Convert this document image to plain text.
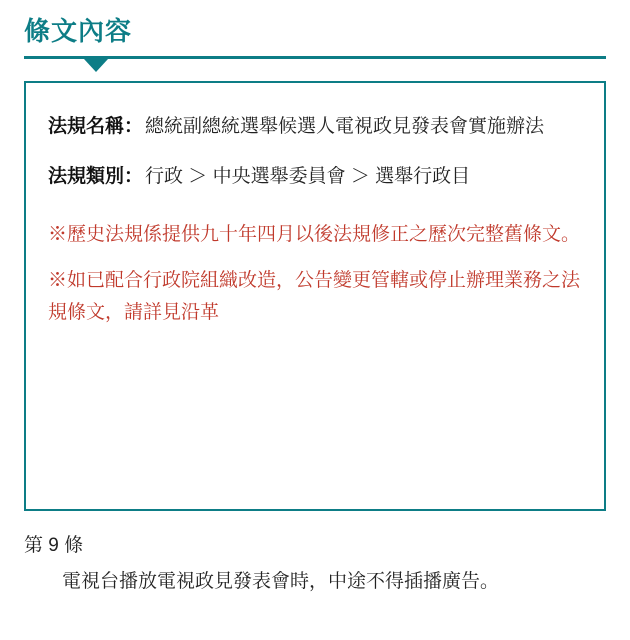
條文內容
法規名稱 ： 總統副總統選舉候選人電視政見發表會實施辦法
法規類別 ： 行政 ＞ 中央選舉委員會 ＞ 選舉行政目
※歷史法規係提供九十年四月以後法規修正之歷次完整舊條文。
※如已配合行政院組織改造，公告變更管轄或停止辦理業務之法規條文，請詳見沿革
第 9 條
電視台播放電視政見發表會時，中途不得插播廣告。
